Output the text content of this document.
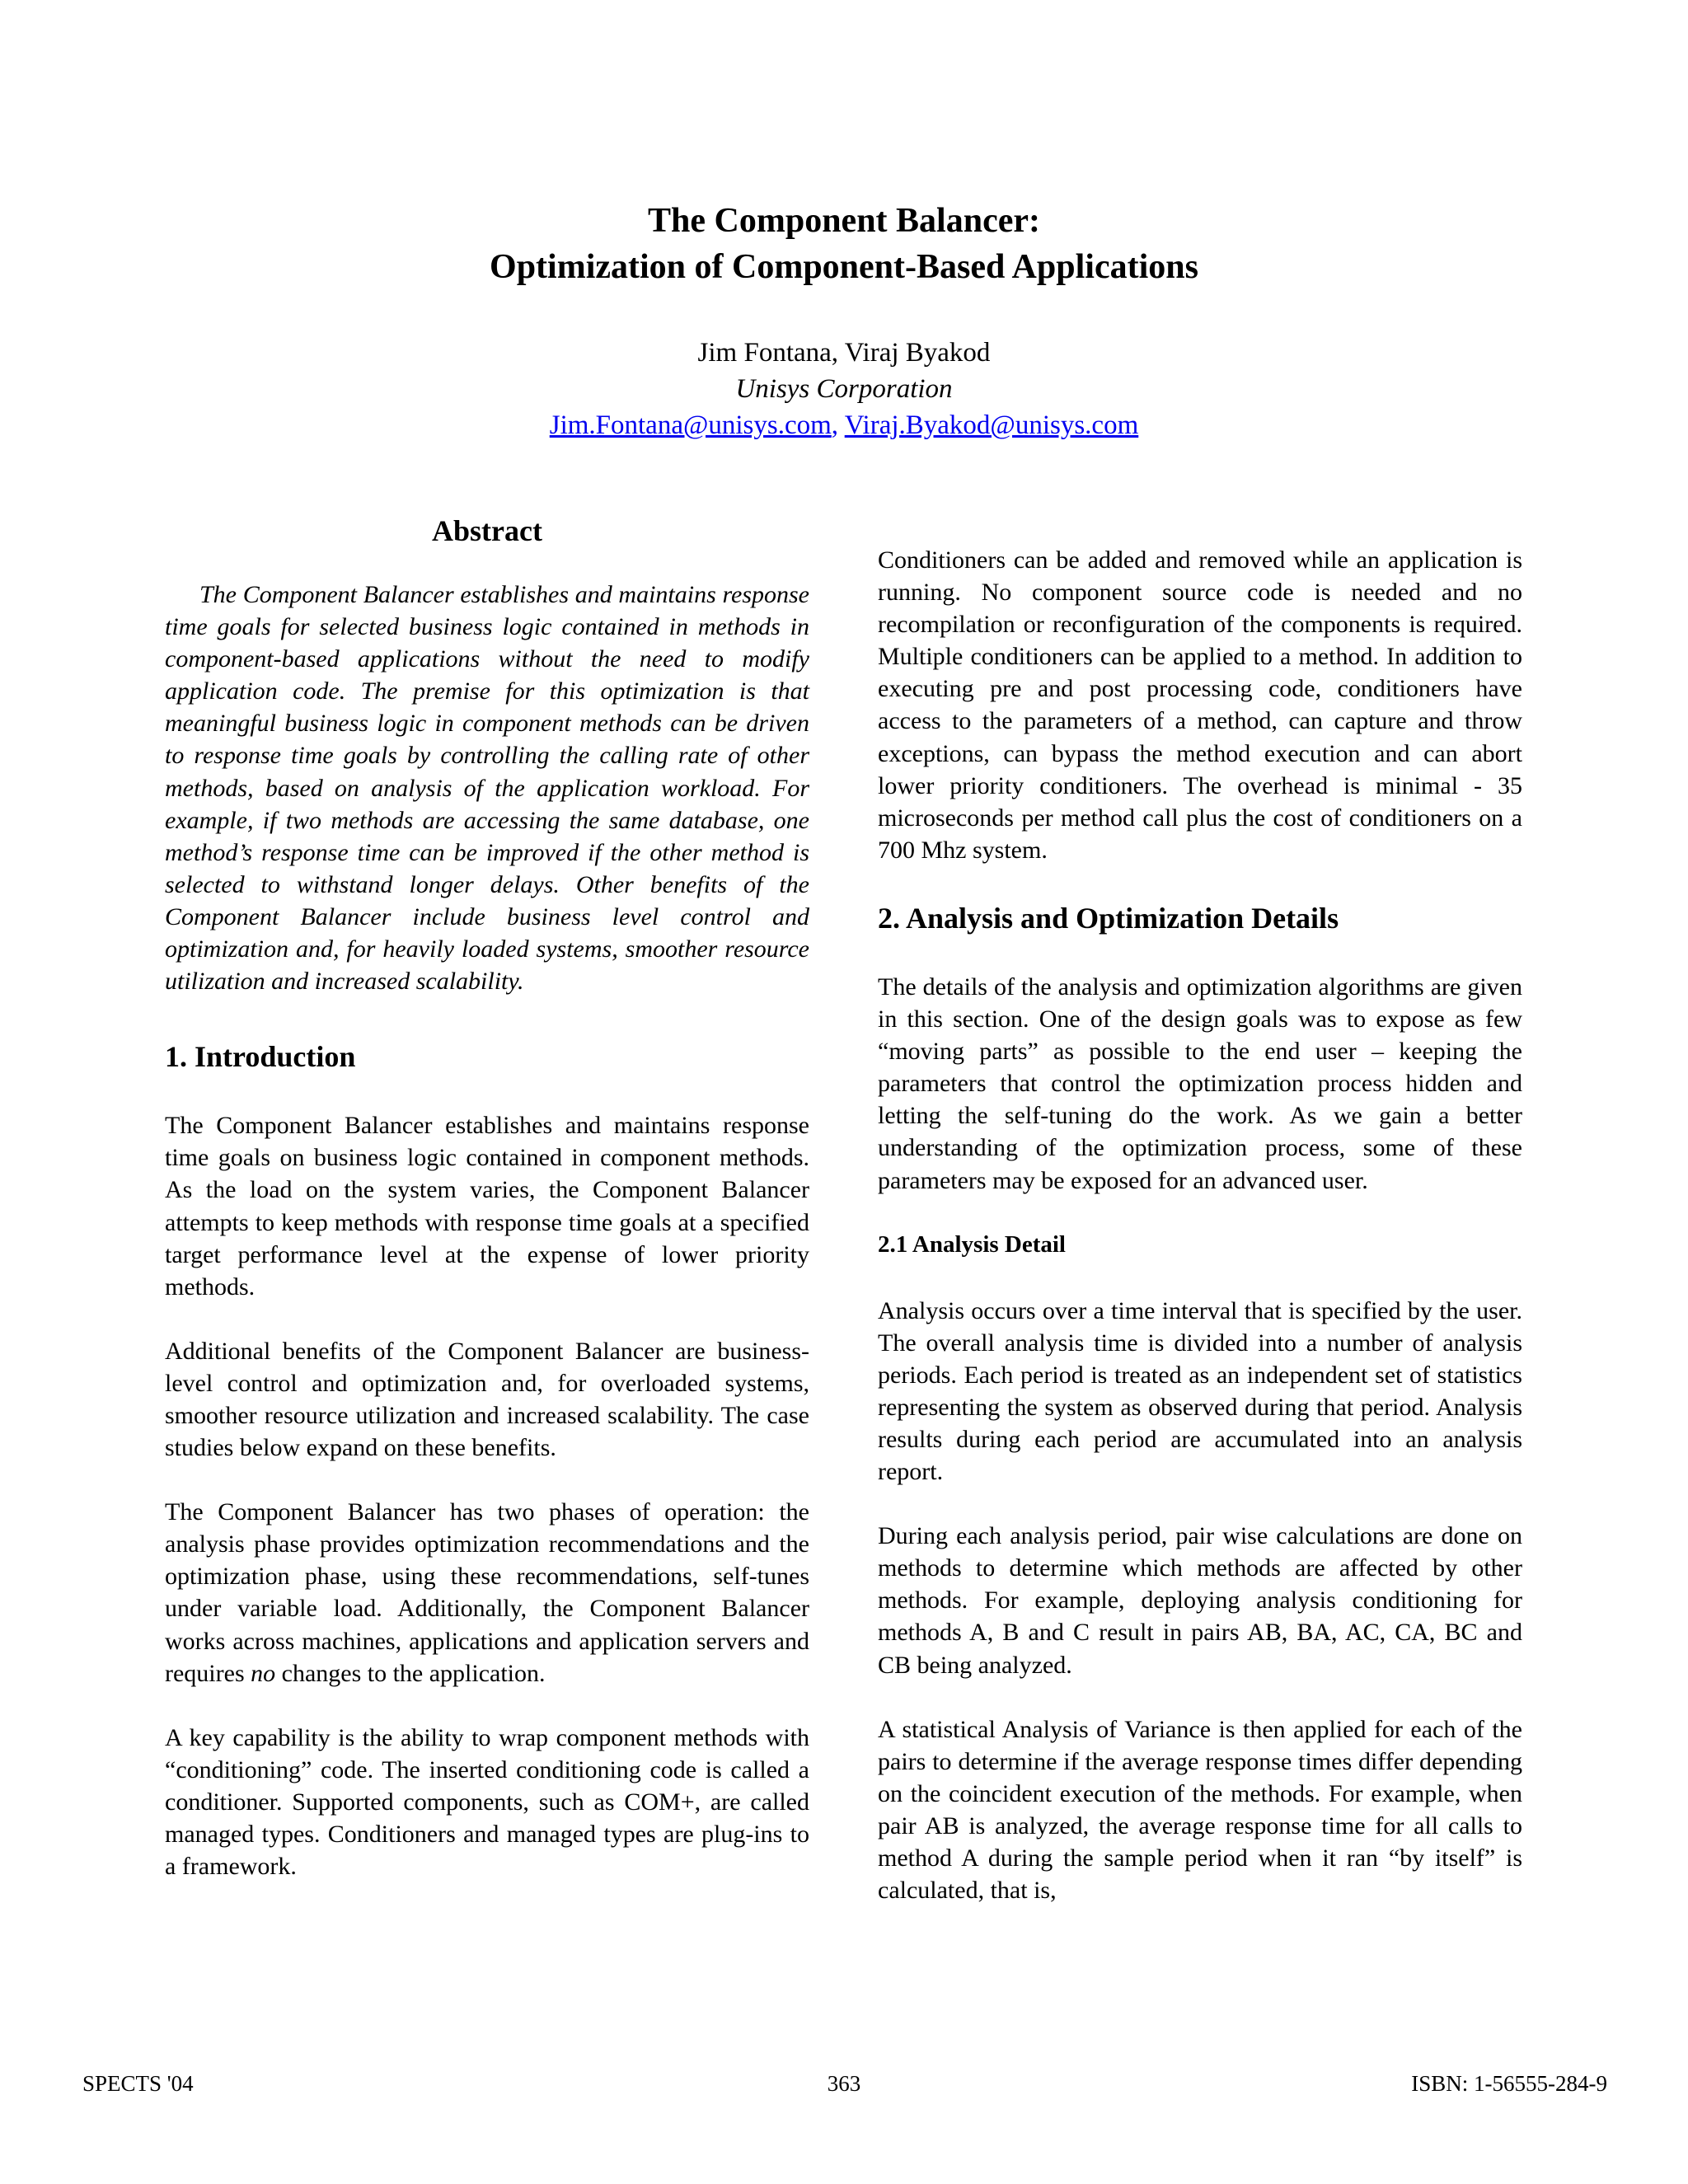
The Component Balancer:
Optimization of Component-Based Applications
Jim Fontana, Viraj Byakod
Unisys Corporation
Jim.Fontana@unisys.com, Viraj.Byakod@unisys.com
Abstract

The Component Balancer establishes and maintains response time goals for selected business logic contained in methods in component-based applications without the need to modify application code. The premise for this optimization is that meaningful business logic in component methods can be driven to response time goals by controlling the calling rate of other methods, based on analysis of the application workload. For example, if two methods are accessing the same database, one method’s response time can be improved if the other method is selected to withstand longer delays. Other benefits of the Component Balancer include business level control and optimization and, for heavily loaded systems, smoother resource utilization and increased scalability.

1. Introduction

The Component Balancer establishes and maintains response time goals on business logic contained in component methods. As the load on the system varies, the Component Balancer attempts to keep methods with response time goals at a specified target performance level at the expense of lower priority methods.

Additional benefits of the Component Balancer are business-level control and optimization and, for overloaded systems, smoother resource utilization and increased scalability. The case studies below expand on these benefits.

The Component Balancer has two phases of operation: the analysis phase provides optimization recommendations and the optimization phase, using these recommendations, self-tunes under variable load. Additionally, the Component Balancer works across machines, applications and application servers and requires no changes to the application.

A key capability is the ability to wrap component methods with “conditioning” code. The inserted conditioning code is called a conditioner. Supported components, such as COM+, are called managed types. Conditioners and managed types are plug-ins to a framework.

Conditioners can be added and removed while an application is running. No component source code is needed and no recompilation or reconfiguration of the components is required. Multiple conditioners can be applied to a method. In addition to executing pre and post processing code, conditioners have access to the parameters of a method, can capture and throw exceptions, can bypass the method execution and can abort lower priority conditioners. The overhead is minimal - 35 microseconds per method call plus the cost of conditioners on a 700 Mhz system.

2. Analysis and Optimization Details

The details of the analysis and optimization algorithms are given in this section. One of the design goals was to expose as few “moving parts” as possible to the end user – keeping the parameters that control the optimization process hidden and letting the self-tuning do the work. As we gain a better understanding of the optimization process, some of these parameters may be exposed for an advanced user.

2.1 Analysis Detail

Analysis occurs over a time interval that is specified by the user. The overall analysis time is divided into a number of analysis periods. Each period is treated as an independent set of statistics representing the system as observed during that period. Analysis results during each period are accumulated into an analysis report.

During each analysis period, pair wise calculations are done on methods to determine which methods are affected by other methods. For example, deploying analysis conditioning for methods A, B and C result in pairs AB, BA, AC, CA, BC and CB being analyzed.

A statistical Analysis of Variance is then applied for each of the pairs to determine if the average response times differ depending on the coincident execution of the methods. For example, when pair AB is analyzed, the average response time for all calls to method A during the sample period when it ran “by itself” is calculated, that is,

SPECTS '04	363	ISBN: 1-56555-284-9
